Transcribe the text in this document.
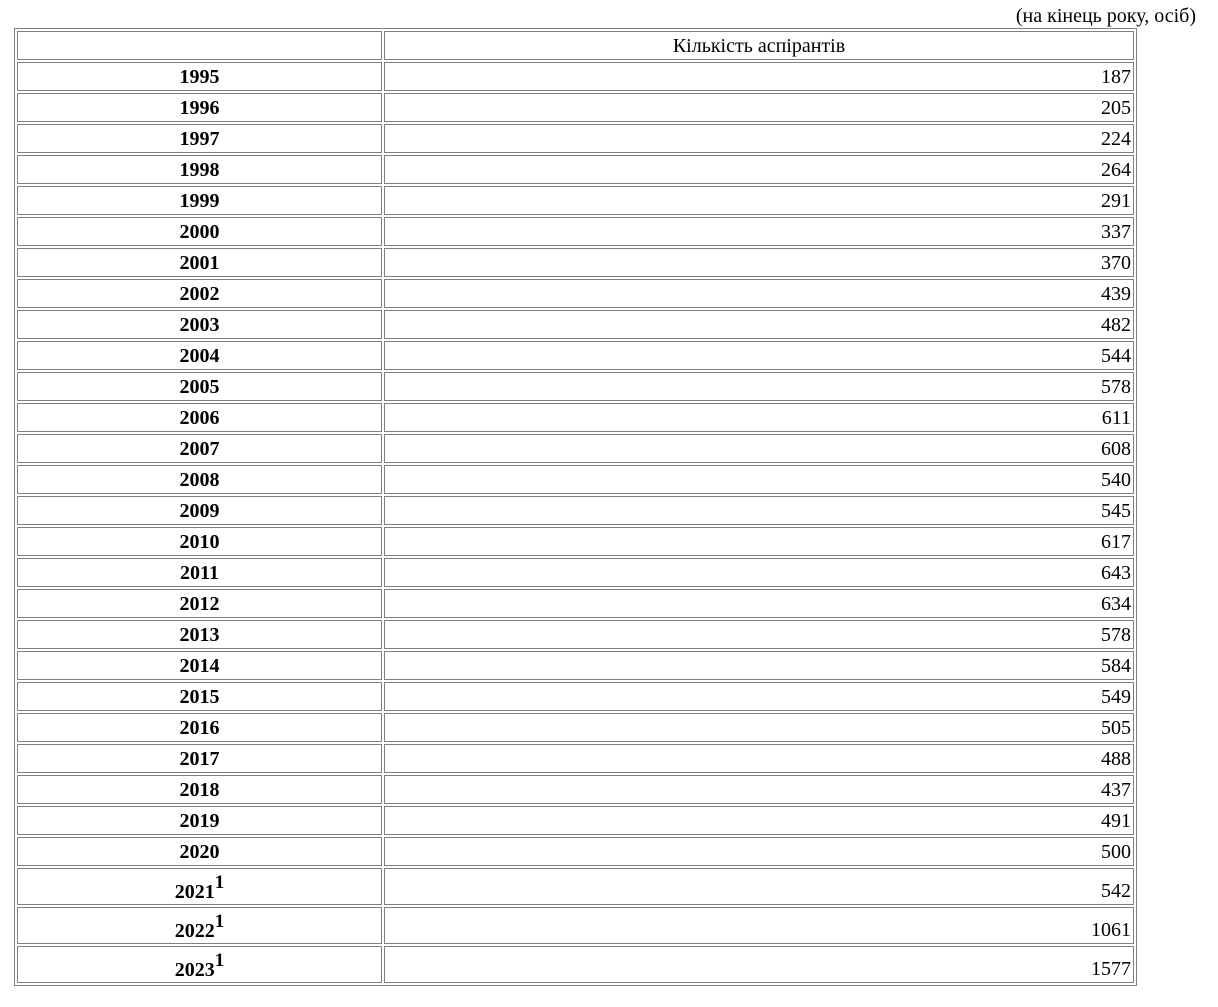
(на кінець року, осіб)
	Кількість аспірантів
1995	187
1996	205
1997	224
1998	264
1999	291
2000	337
2001	370
2002	439
2003	482
2004	544
2005	578
2006	611
2007	608
2008	540
2009	545
2010	617
2011	643
2012	634
2013	578
2014	584
2015	549
2016	505
2017	488
2018	437
2019	491
2020	500
2021$^1$	542
2022$^1$	1061
2023$^1$	1577
